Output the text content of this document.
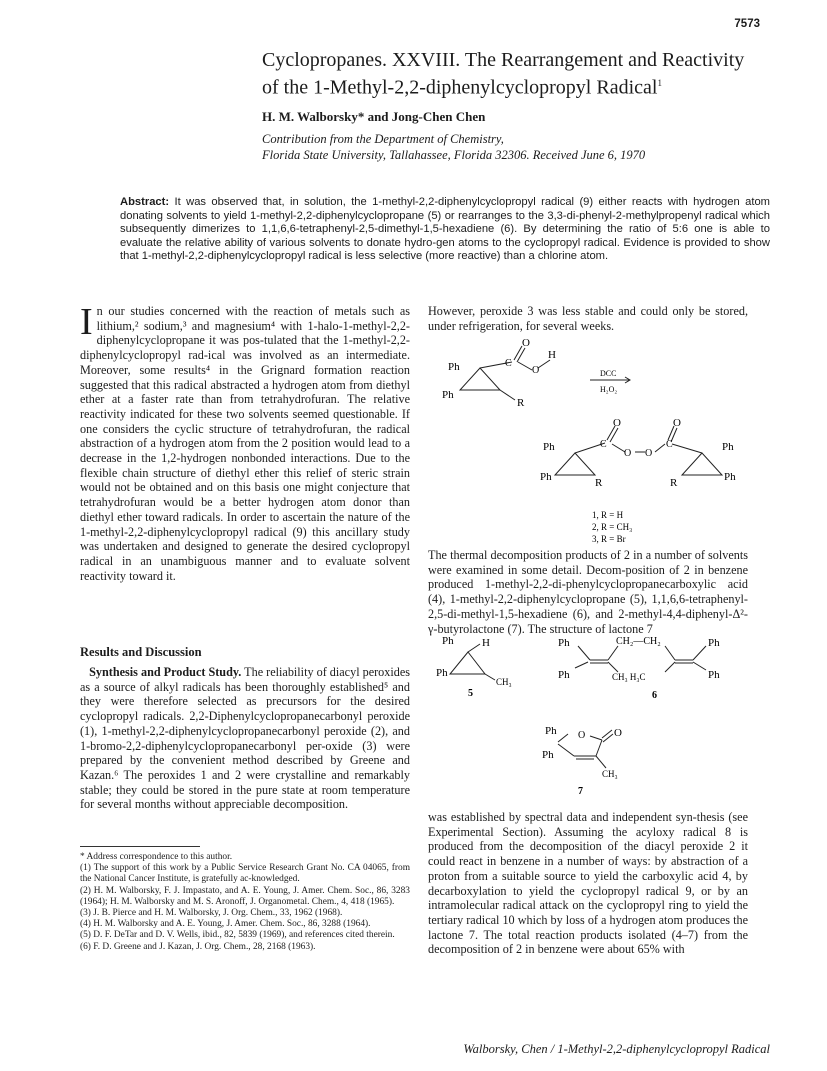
7573
Cyclopropanes. XXVIII. The Rearrangement and Reactivity
of the 1-Methyl-2,2-diphenylcyclopropyl Radical$^1$
H. M. Walborsky* and Jong-Chen Chen
Contribution from the Department of Chemistry,
Florida State University, Tallahassee, Florida 32306. Received June 6, 1970
Abstract: It was observed that, in solution, the 1-methyl-2,2-diphenylcyclopropyl radical (9) either reacts with hydrogen atom donating solvents to yield 1-methyl-2,2-diphenylcyclopropane (5) or rearranges to the 3,3-di-phenyl-2-methylpropenyl radical which subsequently dimerizes to 1,1,6,6-tetraphenyl-2,5-dimethyl-1,5-hexadiene (6). By determining the ratio of 5:6 one is able to evaluate the relative ability of various solvents to donate hydro-gen atoms to the cyclopropyl radical. Evidence is provided to show that 1-methyl-2,2-diphenylcyclopropyl radical is less selective (more reactive) than a chlorine atom.
In our studies concerned with the reaction of metals such as lithium,² sodium,³ and magnesium⁴ with 1-halo-1-methyl-2,2-diphenylcyclopropane it was pos-tulated that the 1-methyl-2,2-diphenylcyclopropyl rad-ical was involved as an intermediate. Moreover, some results⁴ in the Grignard formation reaction suggested that this radical abstracted a hydrogen atom from diethyl ether at a faster rate than from tetrahydrofuran. The relative reactivity indicated for these two solvents seemed questionable. If one considers the cyclic structure of tetrahydrofuran, the radical abstraction of a hydrogen atom from the 2 position would lead to a decrease in the 1,2-hydrogen nonbonded interactions. Due to the flexible chain structure of diethyl ether this relief of steric strain would not be obtained and on this basis one might conjecture that tetrahydrofuran would be a better hydrogen atom donor than diethyl ether toward radicals. In order to ascertain the nature of the 1-methyl-2,2-diphenylcyclopropyl radical (9) this ancillary study was undertaken and designed to generate the desired cyclopropyl radical in an unambiguous manner and to evaluate solvent reactivity toward it.
Results and Discussion
Synthesis and Product Study. The reliability of diacyl peroxides as a source of alkyl radicals has been thoroughly established⁵ and they were therefore selected as precursors for the desired cyclopropyl radicals. 2,2-Diphenylcyclopropanecarbonyl peroxide (1), 1-methyl-2,2-diphenylcyclopropanecarbonyl peroxide (2), and 1-bromo-2,2-diphenylcyclopropanecarbonyl per-oxide (3) were prepared by the convenient method described by Greene and Kazan.⁶ The peroxides 1 and 2 were crystalline and remarkably stable; they could be stored in the pure state at room temperature for several months without appreciable decomposition.

* Address correspondence to this author.

(1) The support of this work by a Public Service Research Grant No. CA 04065, from the National Cancer Institute, is gratefully ac-knowledged.

(2) H. M. Walborsky, F. J. Impastato, and A. E. Young, J. Amer. Chem. Soc., 86, 3283 (1964); H. M. Walborsky and M. S. Aronoff, J. Organometal. Chem., 4, 418 (1965).

(3) J. B. Pierce and H. M. Walborsky, J. Org. Chem., 33, 1962 (1968).

(4) H. M. Walborsky and A. E. Young, J. Amer. Chem. Soc., 86, 3288 (1964).

(5) D. F. DeTar and D. V. Wells, ibid., 82, 5839 (1969), and references cited therein.

(6) F. D. Greene and J. Kazan, J. Org. Chem., 28, 2168 (1963).

However, peroxide 3 was less stable and could only be stored, under refrigeration, for several weeks.
Ph
Ph
C
O
O
H
R
DCC
H₂O₂
Ph
Ph
C
O
O O
O
C
R	R
Ph
Ph
1, R = H
2, R = CH₃
3, R = Br
The thermal decomposition products of 2 in a number of solvents were examined in some detail. Decom-position of 2 in benzene produced 1-methyl-2,2-di-phenylcyclopropanecarboxylic acid (4), 1-methyl-2,2-diphenylcyclopropane (5), 1,1,6,6-tetraphenyl-2,5-di-methyl-1,5-hexadiene (6), and 2-methyl-4,4-diphenyl-Δ²-γ-butyrolactone (7). The structure of lactone 7
Ph
Ph
H
CH₃
5
Ph
Ph
CH₂—CH₂
CH₃ H₃C
Ph
Ph
6
Ph
Ph
O	O
CH₃
7
was established by spectral data and independent syn-thesis (see Experimental Section). Assuming the acyloxy radical 8 is produced from the decomposition of the diacyl peroxide 2 it could react in benzene in a number of ways: by abstraction of a proton from a suitable source to yield the carboxylic acid 4, by decarboxylation to yield the cyclopropyl radical 9, or by an intramolecular radical attack on the cyclopropyl ring to yield the tertiary radical 10 which by loss of a hydrogen atom produces the lactone 7. The total reaction products isolated (4–7) from the decomposition of 2 in benzene were about 65% with
Walborsky, Chen / 1-Methyl-2,2-diphenylcyclopropyl Radical
